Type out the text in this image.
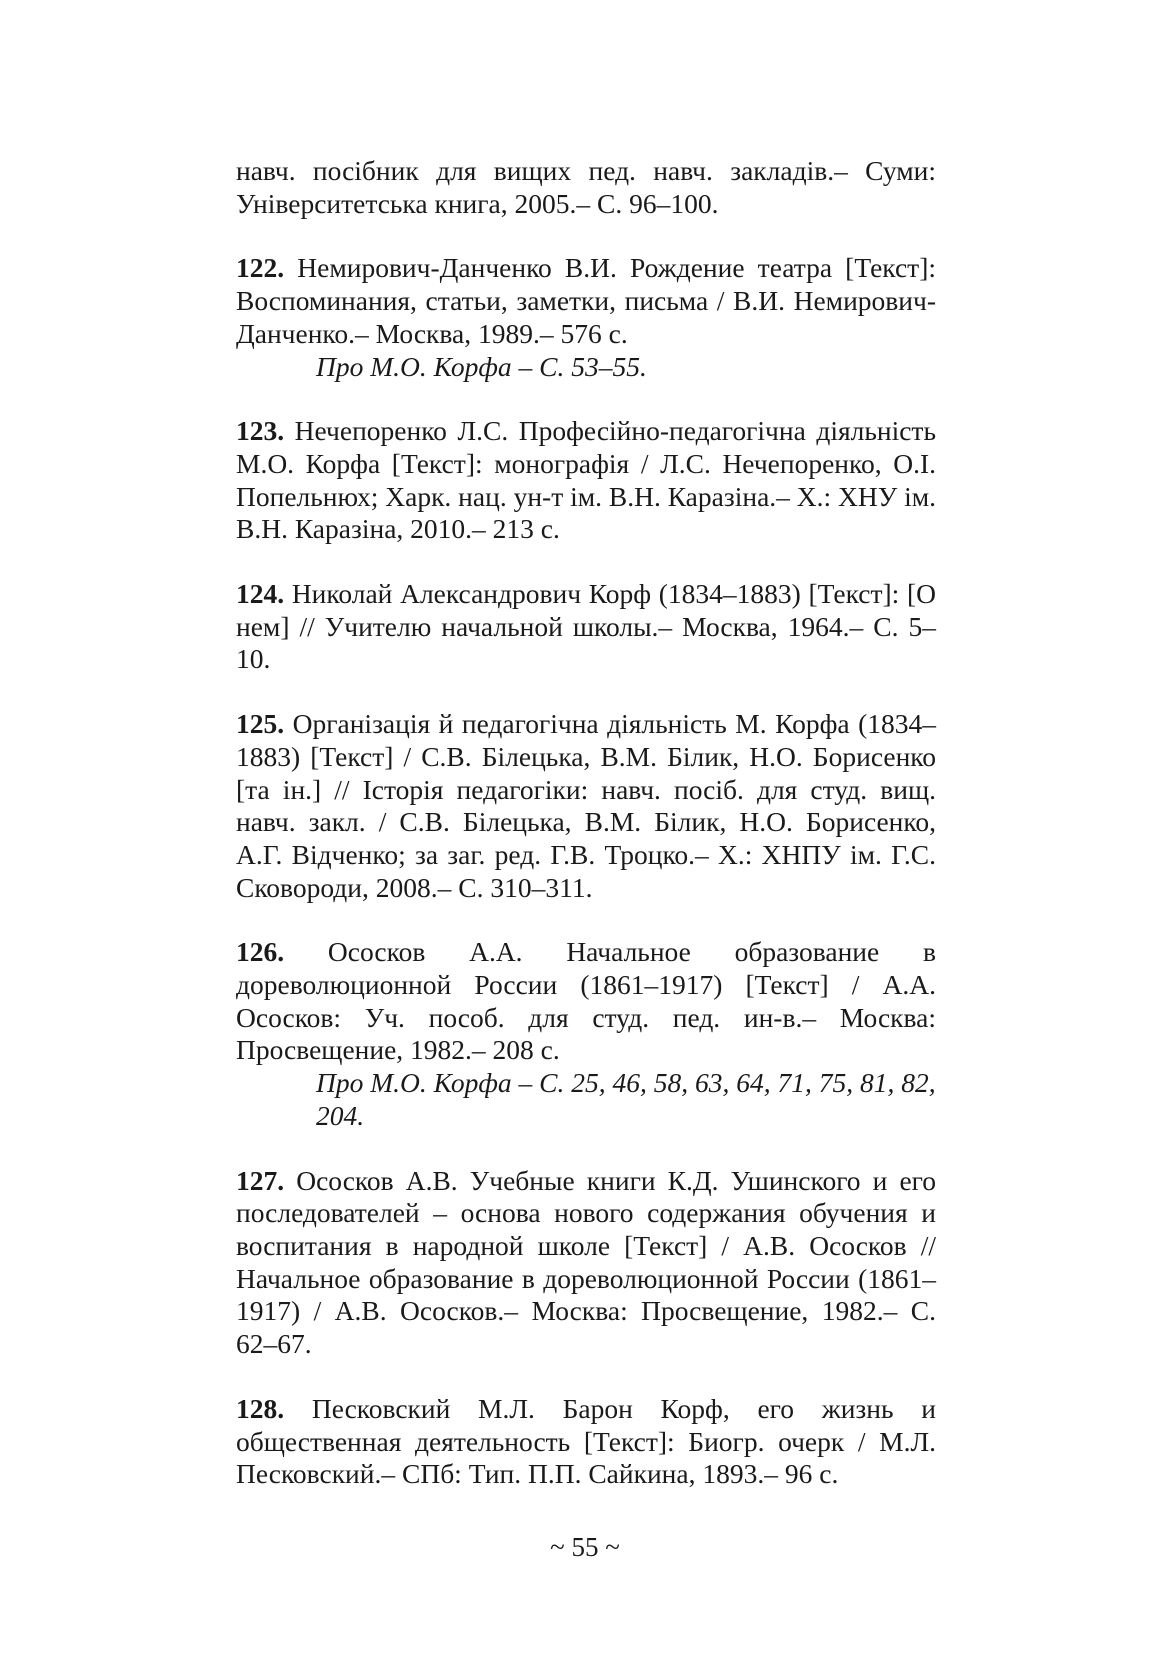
навч. посібник для вищих пед. навч. закладів.– Суми: Університетська книга, 2005.– С. 96–100.

122. Немирович-Данченко В.И. Рождение театра [Текст]: Воспоминания, статьи, заметки, письма / В.И. Немирович-Данченко.– Москва, 1989.– 576 с.

Про М.О. Корфа – С. 53–55.

123. Нечепоренко Л.С. Професійно-педагогічна діяльність М.О. Корфа [Текст]: монографія / Л.С. Нечепоренко, О.І. Попельнюх; Харк. нац. ун-т ім. В.Н. Каразіна.– Х.: ХНУ ім. В.Н. Каразіна, 2010.– 213 с.

124. Николай Александрович Корф (1834–1883) [Текст]: [О нем] // Учителю начальной школы.– Москва, 1964.– С. 5–10.

125. Організація й педагогічна діяльність М. Корфа (1834–1883) [Текст] / С.В. Білецька, В.М. Білик, Н.О. Борисенко [та ін.] // Історія педагогіки: навч. посіб. для студ. вищ. навч. закл. / С.В. Білецька, В.М. Білик, Н.О. Борисенко, А.Г. Відченко; за заг. ред. Г.В. Троцко.– Х.: ХНПУ ім. Г.С. Сковороди, 2008.– С. 310–311.

126. Ососков А.А. Начальное образование в дореволюционной России (1861–1917) [Текст] / А.А. Ососков: Уч. пособ. для студ. пед. ин-в.– Москва: Просвещение, 1982.– 208 с.

Про М.О. Корфа – С. 25, 46, 58, 63, 64, 71, 75, 81, 82, 204.

127. Ососков А.В. Учебные книги К.Д. Ушинского и его последователей – основа нового содержания обучения и воспитания в народной школе [Текст] / А.В. Ососков // Начальное образование в дореволюционной России (1861–1917) / А.В. Ососков.– Москва: Просвещение, 1982.– С. 62–67.

128. Песковский М.Л. Барон Корф, его жизнь и общественная деятельность [Текст]: Биогр. очерк / М.Л. Песковский.– СПб: Тип. П.П. Сайкина, 1893.– 96 с.

~ 55 ~
